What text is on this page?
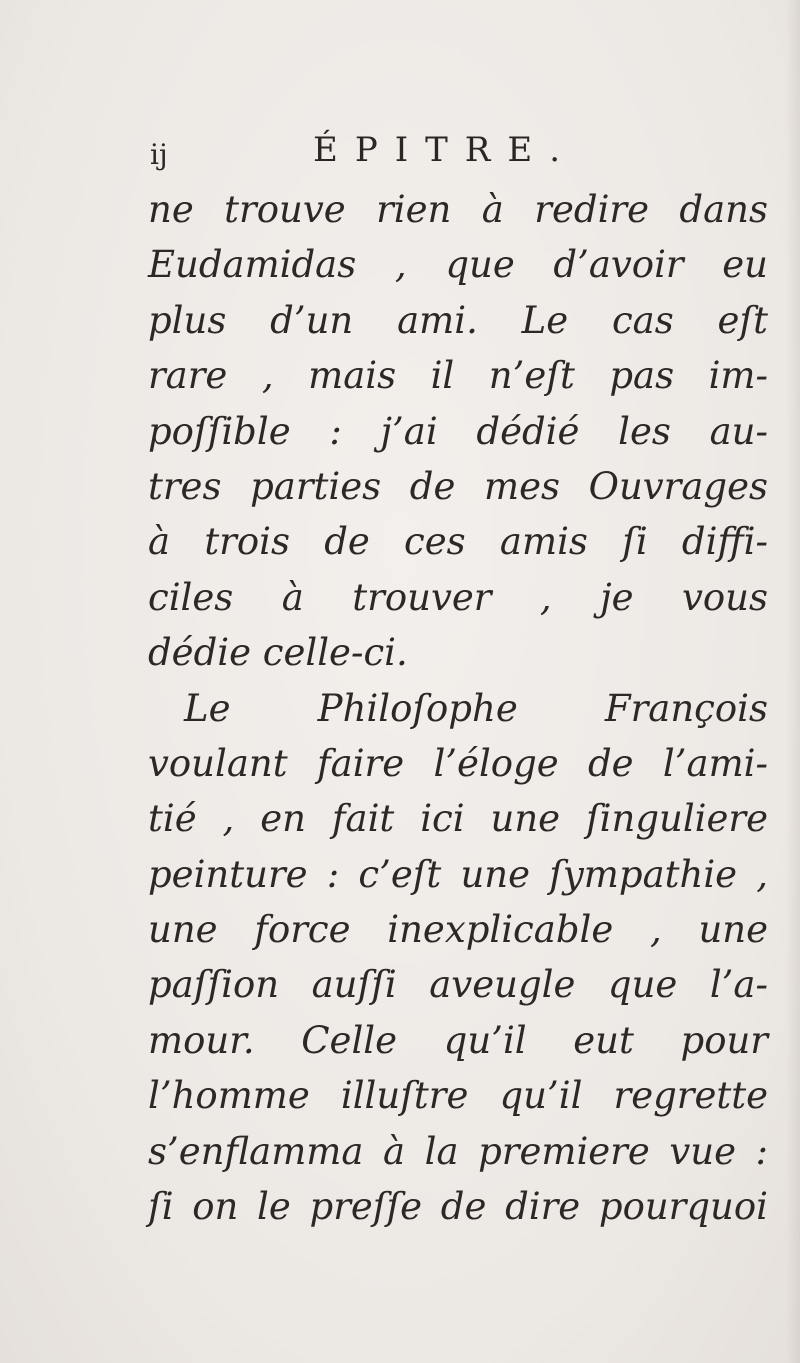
ij	ÉPITRE.
ne trouve rien à redire dans
Eudamidas , que d’avoir eu
plus d’un ami. Le cas eſt
rare , mais il n’eſt pas im-
poſſible : j’ai dédié les au-
tres parties de mes Ouvrages
à trois de ces amis ſi diffi-
ciles à trouver , je vous
dédie celle-ci.
Le Philoſophe François
voulant faire l’éloge de l’ami-
tié , en fait ici une ſinguliere
peinture : c’eſt une ſympathie ,
une force inexplicable , une
paſſion auſſi aveugle que l’a-
mour. Celle qu’il eut pour
l’homme illuſtre qu’il regrette
s’enflamma à la premiere vue :
ſi on le preſſe de dire pourquoi
